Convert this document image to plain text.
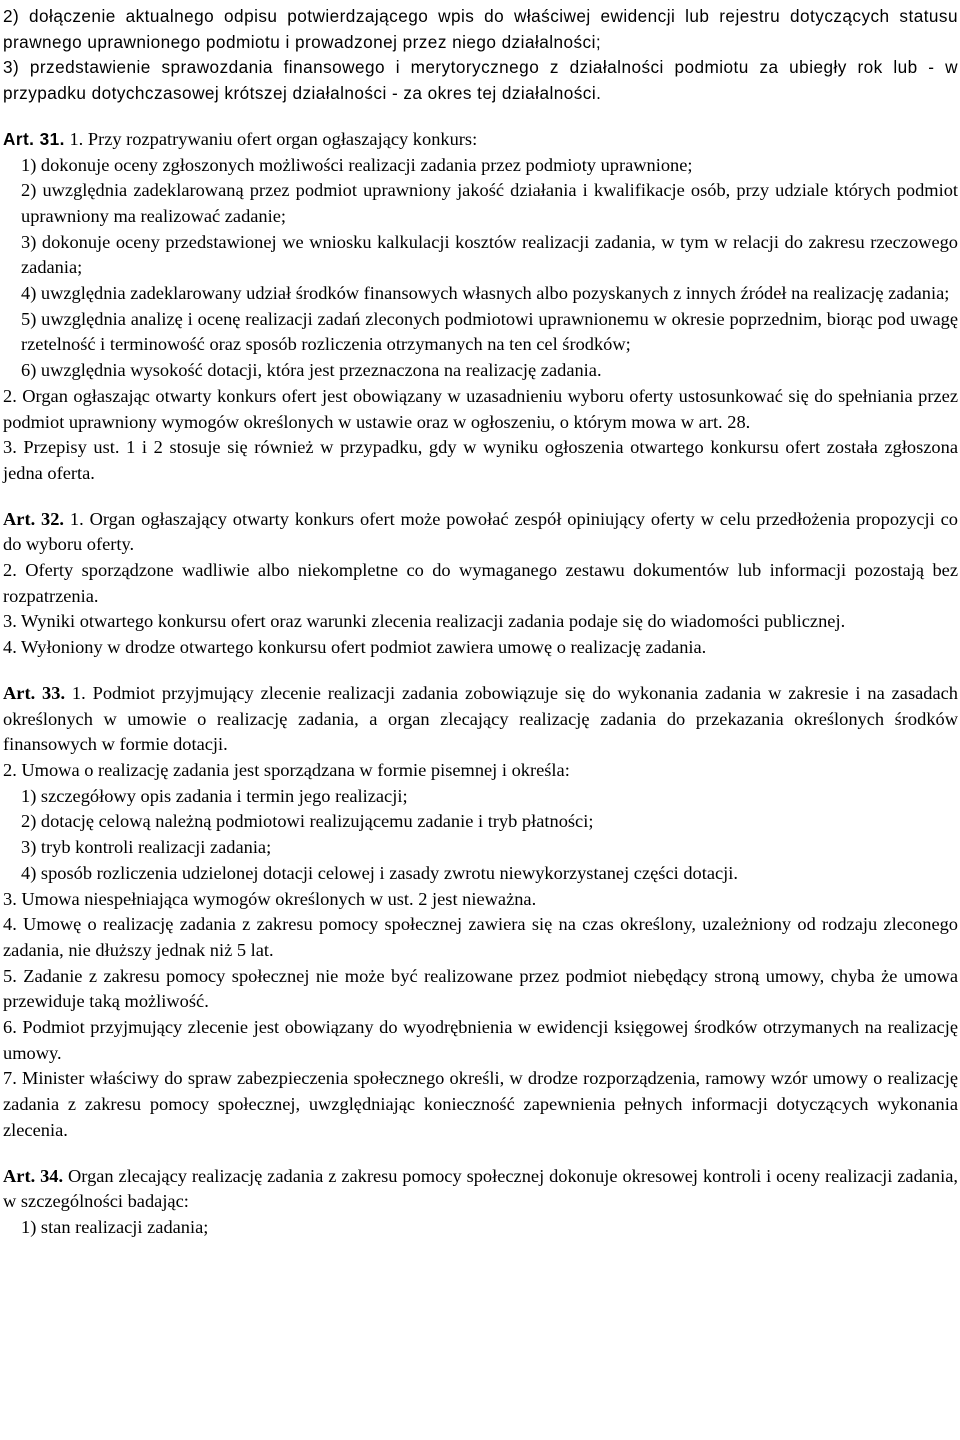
2) dołączenie aktualnego odpisu potwierdzającego wpis do właściwej ewidencji lub rejestru dotyczących statusu prawnego uprawnionego podmiotu i prowadzonej przez niego działalności;

3) przedstawienie sprawozdania finansowego i merytorycznego z działalności podmiotu za ubiegły rok lub - w przypadku dotychczasowej krótszej działalności - za okres tej działalności.

Art. 31. 1. Przy rozpatrywaniu ofert organ ogłaszający konkurs:

1) dokonuje oceny zgłoszonych możliwości realizacji zadania przez podmioty uprawnione;

2) uwzględnia zadeklarowaną przez podmiot uprawniony jakość działania i kwalifikacje osób, przy udziale których podmiot uprawniony ma realizować zadanie;

3) dokonuje oceny przedstawionej we wniosku kalkulacji kosztów realizacji zadania, w tym w relacji do zakresu rzeczowego zadania;

4) uwzględnia zadeklarowany udział środków finansowych własnych albo pozyskanych z innych źródeł na realizację zadania;

5) uwzględnia analizę i ocenę realizacji zadań zleconych podmiotowi uprawnionemu w okresie poprzednim, biorąc pod uwagę rzetelność i terminowość oraz sposób rozliczenia otrzymanych na ten cel środków;

6) uwzględnia wysokość dotacji, która jest przeznaczona na realizację zadania.

2. Organ ogłaszając otwarty konkurs ofert jest obowiązany w uzasadnieniu wyboru oferty ustosunkować się do spełniania przez podmiot uprawniony wymogów określonych w ustawie oraz w ogłoszeniu, o którym mowa w art. 28.

3. Przepisy ust. 1 i 2 stosuje się również w przypadku, gdy w wyniku ogłoszenia otwartego konkursu ofert została zgłoszona jedna oferta.

Art. 32. 1. Organ ogłaszający otwarty konkurs ofert może powołać zespół opiniujący oferty w celu przedłożenia propozycji co do wyboru oferty.

2. Oferty sporządzone wadliwie albo niekompletne co do wymaganego zestawu dokumentów lub informacji pozostają bez rozpatrzenia.

3. Wyniki otwartego konkursu ofert oraz warunki zlecenia realizacji zadania podaje się do wiadomości publicznej.

4. Wyłoniony w drodze otwartego konkursu ofert podmiot zawiera umowę o realizację zadania.

Art. 33. 1. Podmiot przyjmujący zlecenie realizacji zadania zobowiązuje się do wykonania zadania w zakresie i na zasadach określonych w umowie o realizację zadania, a organ zlecający realizację zadania do przekazania określonych środków finansowych w formie dotacji.

2. Umowa o realizację zadania jest sporządzana w formie pisemnej i określa:

1) szczegółowy opis zadania i termin jego realizacji;

2) dotację celową należną podmiotowi realizującemu zadanie i tryb płatności;

3) tryb kontroli realizacji zadania;

4) sposób rozliczenia udzielonej dotacji celowej i zasady zwrotu niewykorzystanej części dotacji.

3. Umowa niespełniająca wymogów określonych w ust. 2 jest nieważna.

4. Umowę o realizację zadania z zakresu pomocy społecznej zawiera się na czas określony, uzależniony od rodzaju zleconego zadania, nie dłuższy jednak niż 5 lat.

5. Zadanie z zakresu pomocy społecznej nie może być realizowane przez podmiot niebędący stroną umowy, chyba że umowa przewiduje taką możliwość.

6. Podmiot przyjmujący zlecenie jest obowiązany do wyodrębnienia w ewidencji księgowej środków otrzymanych na realizację umowy.

7. Minister właściwy do spraw zabezpieczenia społecznego określi, w drodze rozporządzenia, ramowy wzór umowy o realizację zadania z zakresu pomocy społecznej, uwzględniając konieczność zapewnienia pełnych informacji dotyczących wykonania zlecenia.

Art. 34. Organ zlecający realizację zadania z zakresu pomocy społecznej dokonuje okresowej kontroli i oceny realizacji zadania, w szczególności badając:

1) stan realizacji zadania;
